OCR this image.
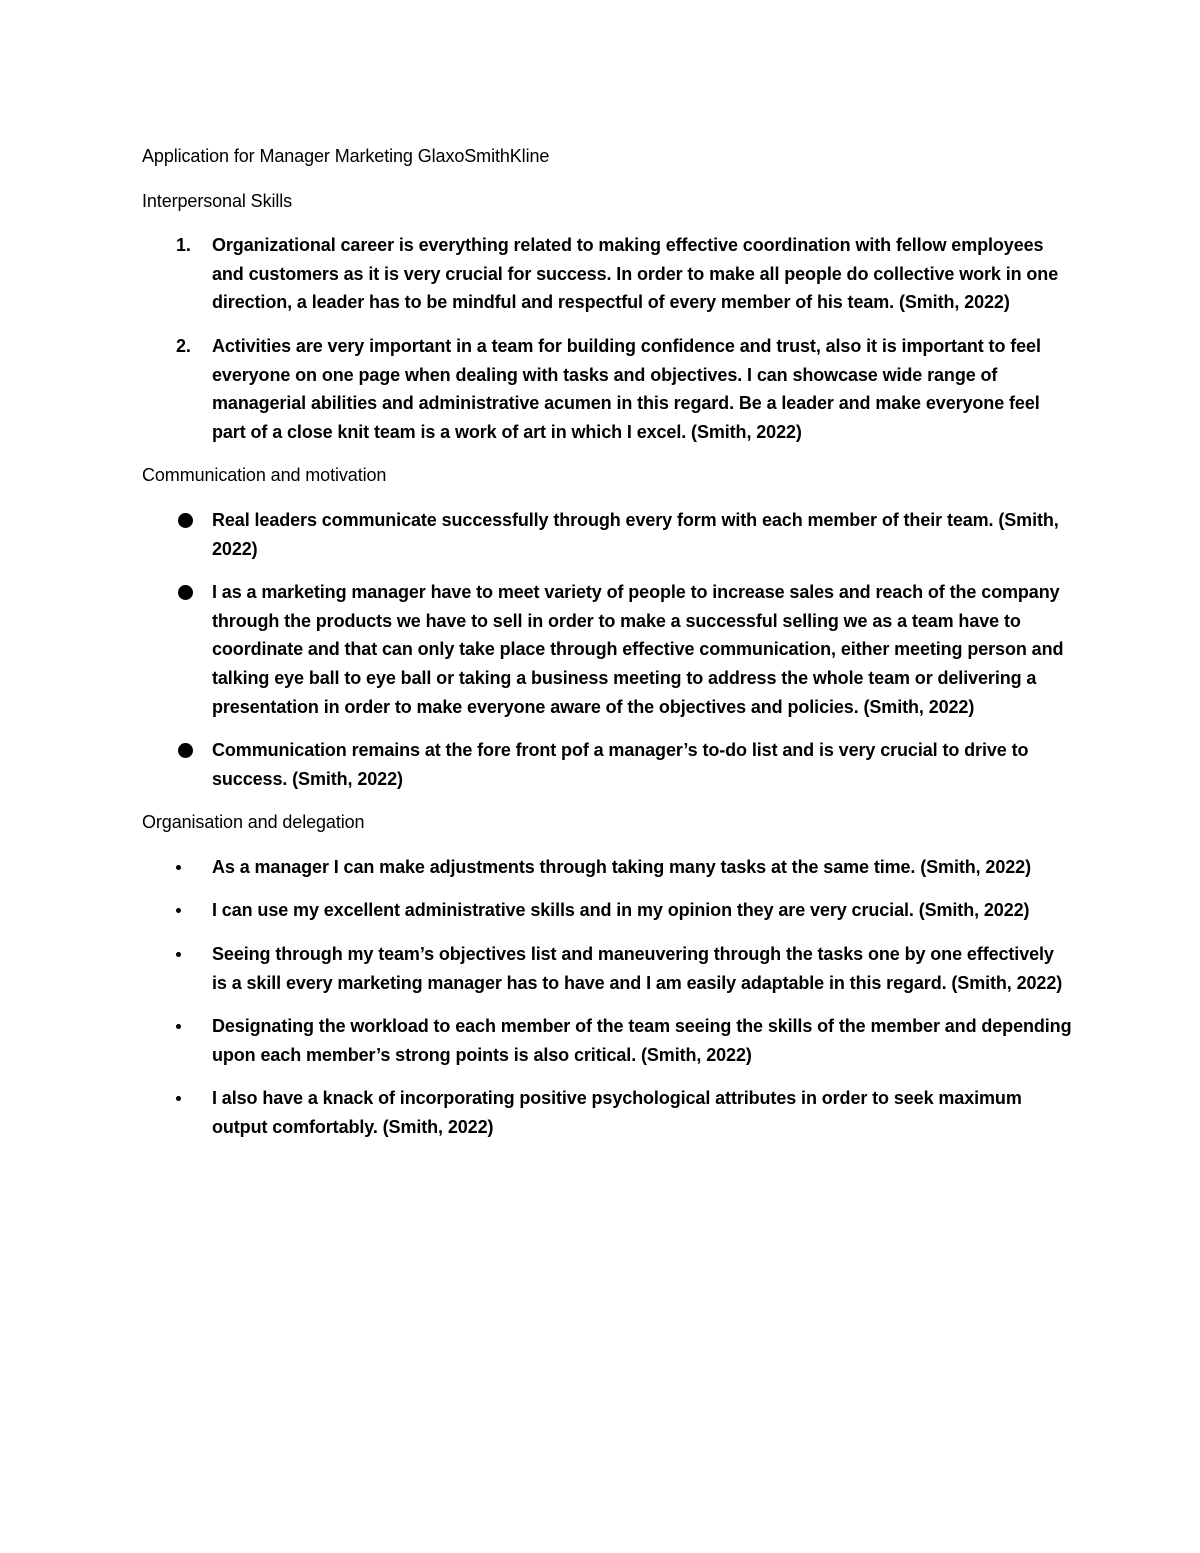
Application for Manager Marketing GlaxoSmithKline
Interpersonal Skills
1.	Organizational career is everything related to making effective coordination with fellow employees and customers as it is very crucial for success. In order to make all people do collective work in one direction, a leader has to be mindful and respectful of every member of his team. (Smith, 2022)
2.	Activities are very important in a team for building confidence and trust, also it is important to feel everyone on one page when dealing with tasks and objectives. I can showcase wide range of managerial abilities and administrative acumen in this regard. Be a leader and make everyone feel part of a close knit team is a work of art in which I excel. (Smith, 2022)
Communication and motivation
Real leaders communicate successfully through every form with each member of their team. (Smith, 2022)
I as a marketing manager have to meet variety of people to increase sales and reach of the company through the products we have to sell in order to make a successful selling we as a team have to coordinate and that can only take place through effective communication, either meeting person and talking eye ball to eye ball or taking a business meeting to address the whole team or delivering a presentation in order to make everyone aware of the objectives and policies. (Smith, 2022)
Communication remains at the fore front pof a manager’s to-do list and is very crucial to drive to success. (Smith, 2022)
Organisation and delegation
As a manager I can make adjustments through taking many tasks at the same time. (Smith, 2022)
I can use my excellent administrative skills and in my opinion they are very crucial. (Smith, 2022)
Seeing through my team’s objectives list and maneuvering through the tasks one by one effectively is a skill every marketing manager has to have and I am easily adaptable in this regard. (Smith, 2022)
Designating the workload to each member of the team seeing the skills of the member and depending upon each member’s strong points is also critical. (Smith, 2022)
I also have a knack of incorporating positive psychological attributes in order to seek maximum output comfortably. (Smith, 2022)
